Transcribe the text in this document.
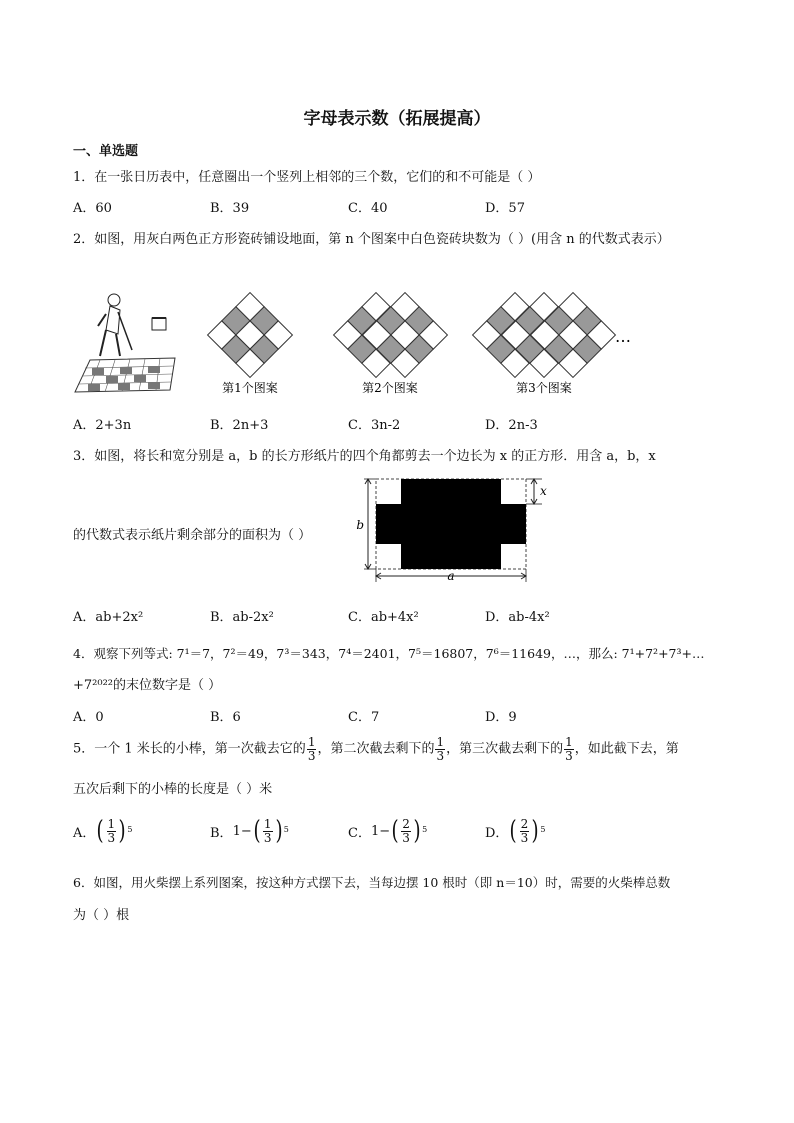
字母表示数（拓展提高）
一、单选题
1．在一张日历表中，任意圈出一个竖列上相邻的三个数，它们的和不可能是（ ）
A．60	B．39	C．40	D．57
2．如图，用灰白两色正方形瓷砖铺设地面，第 n 个图案中白色瓷砖块数为（ ）(用含 n 的代数式表示）
…
第1个图案	第2个图案	第3个图案
A．2+3n	B．2n+3	C．3n-2	D．2n-3
3．如图，将长和宽分别是 a，b 的长方形纸片的四个角都剪去一个边长为 x 的正方形．用含 a，b，x
的代数式表示纸片剩余部分的面积为（ ）
b
a
x
A．ab+2x²	B．ab-2x²	C．ab+4x²	D．ab-4x²
4．观察下列等式: 7¹＝7，7²＝49，7³＝343，7⁴＝2401，7⁵＝16807，7⁶＝11649，…，那么: 7¹+7²+7³+…
+7²⁰²²的末位数字是（ ）
A．0	B．6	C．7	D．9
5．一个 1 米长的小棒，第一次截去它的 $\frac{1}{3}$ ，第二次截去剩下的 $\frac{1}{3}$ ，第三次截去剩下的 $\frac{1}{3}$ ，如此截下去，第
五次后剩下的小棒的长度是（ ）米
A． ( $\frac{1}{3}$ ) 5	B． 1− ( $\frac{1}{3}$ ) 5	C． 1− ( $\frac{2}{3}$ ) 5	D． ( $\frac{2}{3}$ ) 5
6．如图，用火柴摆上系列图案，按这种方式摆下去，当每边摆 10 根时（即 n＝10）时，需要的火柴棒总数
为（ ）根
